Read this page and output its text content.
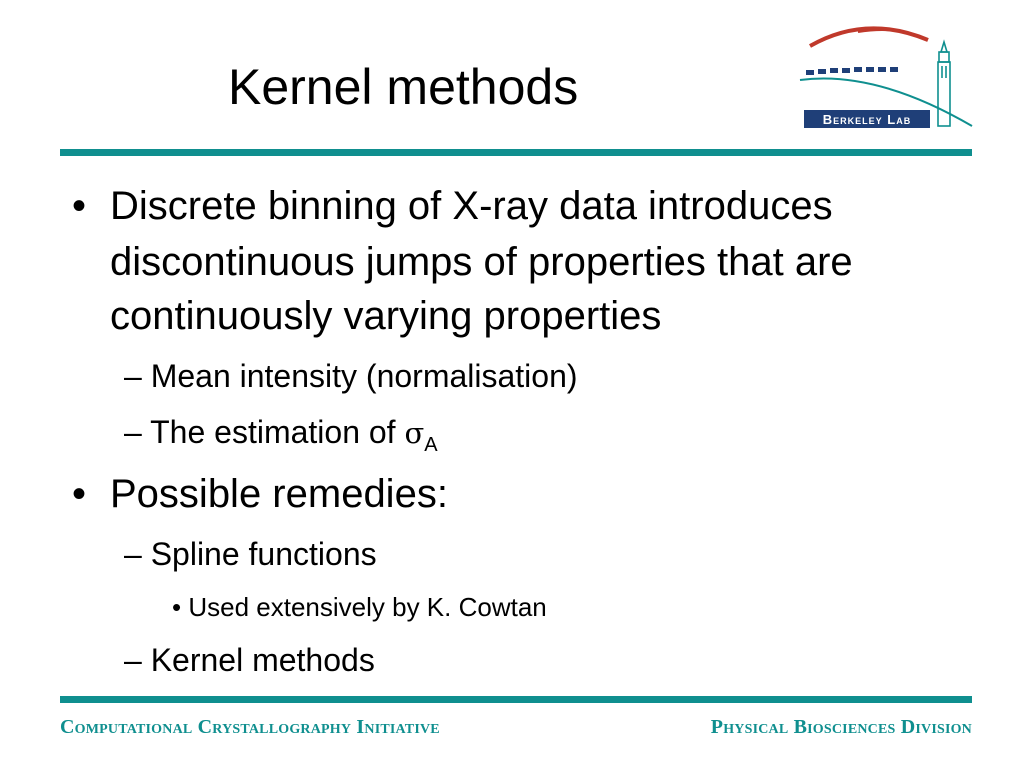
Kernel methods
Berkeley Lab
• Discrete binning of X-ray data introduces
discontinuous jumps of properties that are
continuously varying properties
– Mean intensity (normalisation)
– The estimation of $\sigma_A$
• Possible remedies:
– Spline functions
• Used extensively by K. Cowtan
– Kernel methods
Computational Crystallography Initiative	Physical Biosciences Division
